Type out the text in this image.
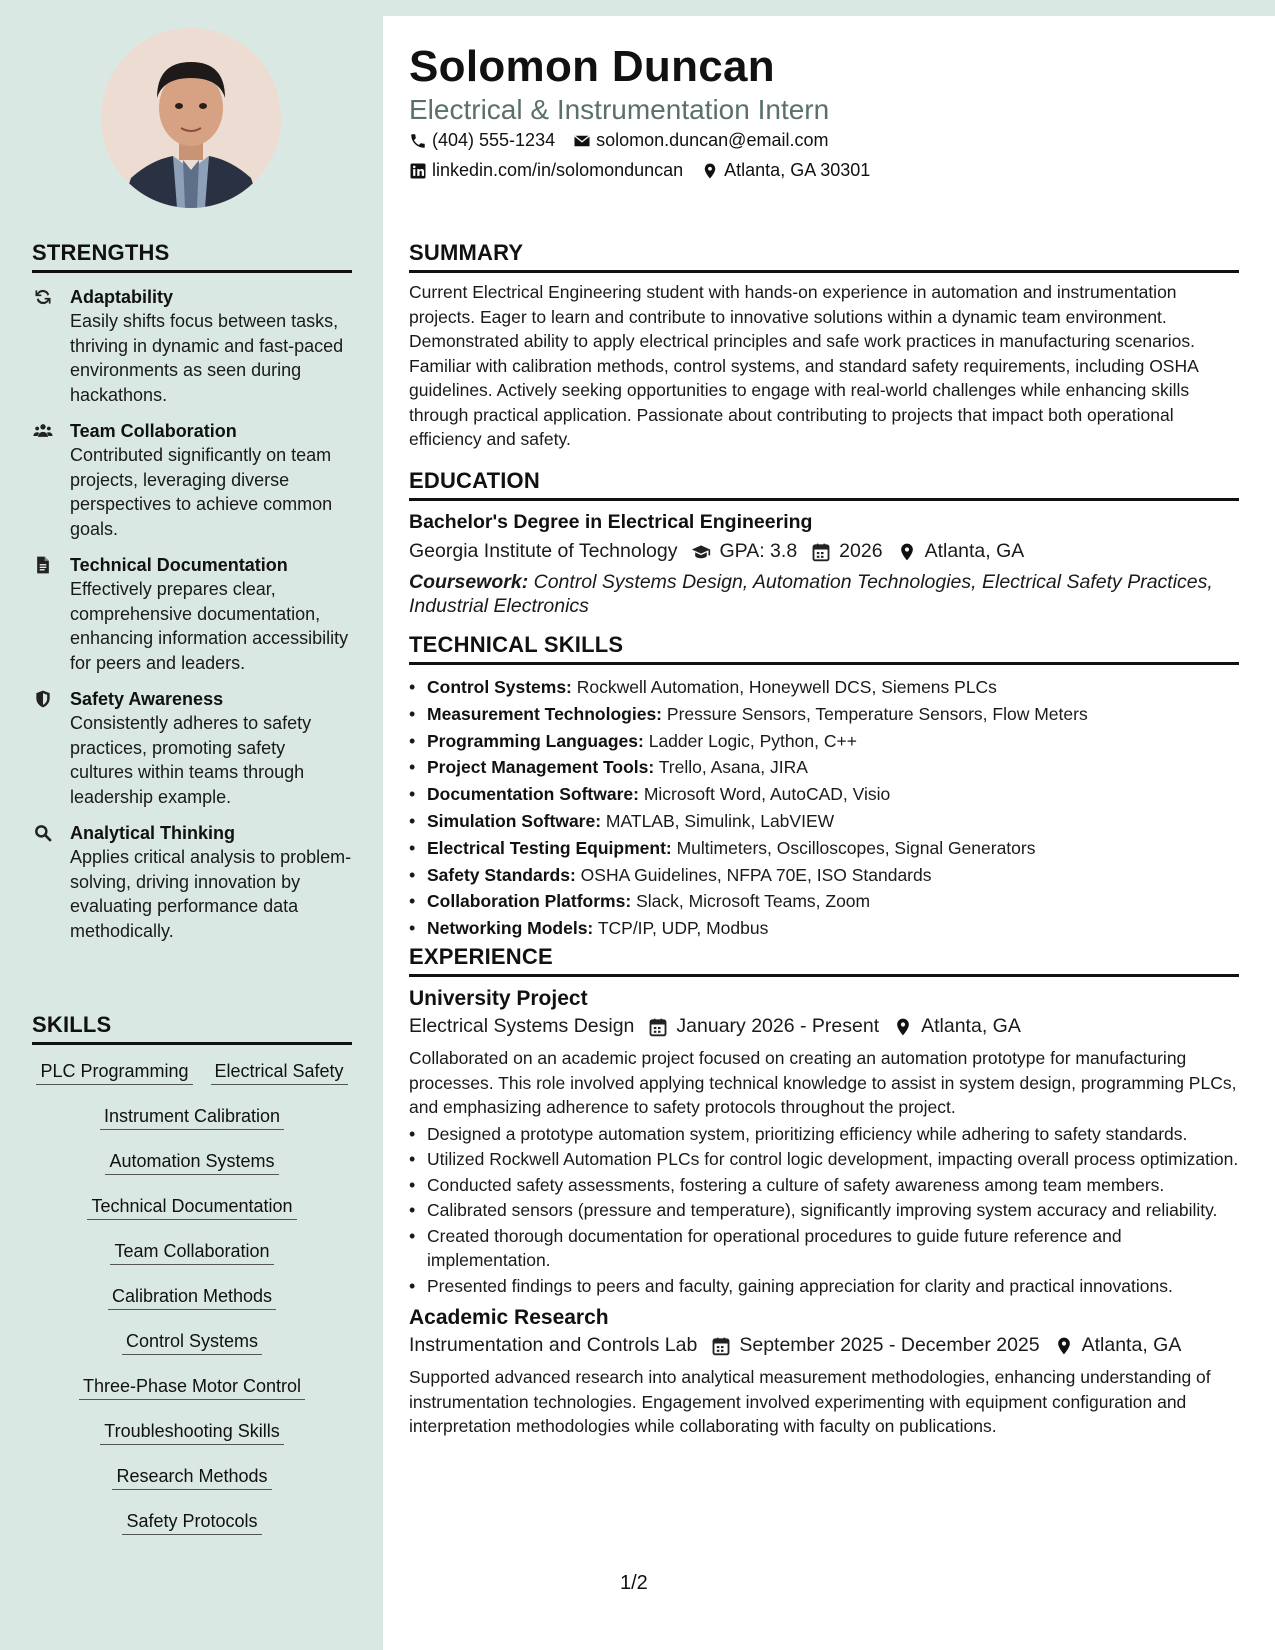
Solomon Duncan
Electrical & Instrumentation Intern
(404) 555-1234 solomon.duncan@email.com
linkedin.com/in/solomonduncan Atlanta, GA 30301
STRENGTHS
Adaptability
Easily shifts focus between tasks, thriving in dynamic and fast-paced environments as seen during hackathons.
Team Collaboration
Contributed significantly on team projects, leveraging diverse perspectives to achieve common goals.
Technical Documentation
Effectively prepares clear, comprehensive documentation, enhancing information accessibility for peers and leaders.
Safety Awareness
Consistently adheres to safety practices, promoting safety cultures within teams through leadership example.
Analytical Thinking
Applies critical analysis to problem-solving, driving innovation by evaluating performance data methodically.
SKILLS
PLC Programming Electrical Safety
Instrument Calibration
Automation Systems
Technical Documentation
Team Collaboration
Calibration Methods
Control Systems
Three-Phase Motor Control
Troubleshooting Skills
Research Methods
Safety Protocols
SUMMARY
Current Electrical Engineering student with hands-on experience in automation and instrumentation projects. Eager to learn and contribute to innovative solutions within a dynamic team environment. Demonstrated ability to apply electrical principles and safe work practices in manufacturing scenarios. Familiar with calibration methods, control systems, and standard safety requirements, including OSHA guidelines. Actively seeking opportunities to engage with real-world challenges while enhancing skills through practical application. Passionate about contributing to projects that impact both operational efficiency and safety.
EDUCATION
Bachelor's Degree in Electrical Engineering
Georgia Institute of Technology GPA: 3.8 2026 Atlanta, GA
Coursework: Control Systems Design, Automation Technologies, Electrical Safety Practices, Industrial Electronics
TECHNICAL SKILLS
• Control Systems: Rockwell Automation, Honeywell DCS, Siemens PLCs
• Measurement Technologies: Pressure Sensors, Temperature Sensors, Flow Meters
• Programming Languages: Ladder Logic, Python, C++
• Project Management Tools: Trello, Asana, JIRA
• Documentation Software: Microsoft Word, AutoCAD, Visio
• Simulation Software: MATLAB, Simulink, LabVIEW
• Electrical Testing Equipment: Multimeters, Oscilloscopes, Signal Generators
• Safety Standards: OSHA Guidelines, NFPA 70E, ISO Standards
• Collaboration Platforms: Slack, Microsoft Teams, Zoom
• Networking Models: TCP/IP, UDP, Modbus
EXPERIENCE
University Project
Electrical Systems Design January 2026 - Present Atlanta, GA
Collaborated on an academic project focused on creating an automation prototype for manufacturing processes. This role involved applying technical knowledge to assist in system design, programming PLCs, and emphasizing adherence to safety protocols throughout the project.
• Designed a prototype automation system, prioritizing efficiency while adhering to safety standards.
• Utilized Rockwell Automation PLCs for control logic development, impacting overall process optimization.
• Conducted safety assessments, fostering a culture of safety awareness among team members.
• Calibrated sensors (pressure and temperature), significantly improving system accuracy and reliability.
• Created thorough documentation for operational procedures to guide future reference and implementation.
• Presented findings to peers and faculty, gaining appreciation for clarity and practical innovations.
Academic Research
Instrumentation and Controls Lab September 2025 - December 2025 Atlanta, GA
Supported advanced research into analytical measurement methodologies, enhancing understanding of instrumentation technologies. Engagement involved experimenting with equipment configuration and interpretation methodologies while collaborating with faculty on publications.
1/2
